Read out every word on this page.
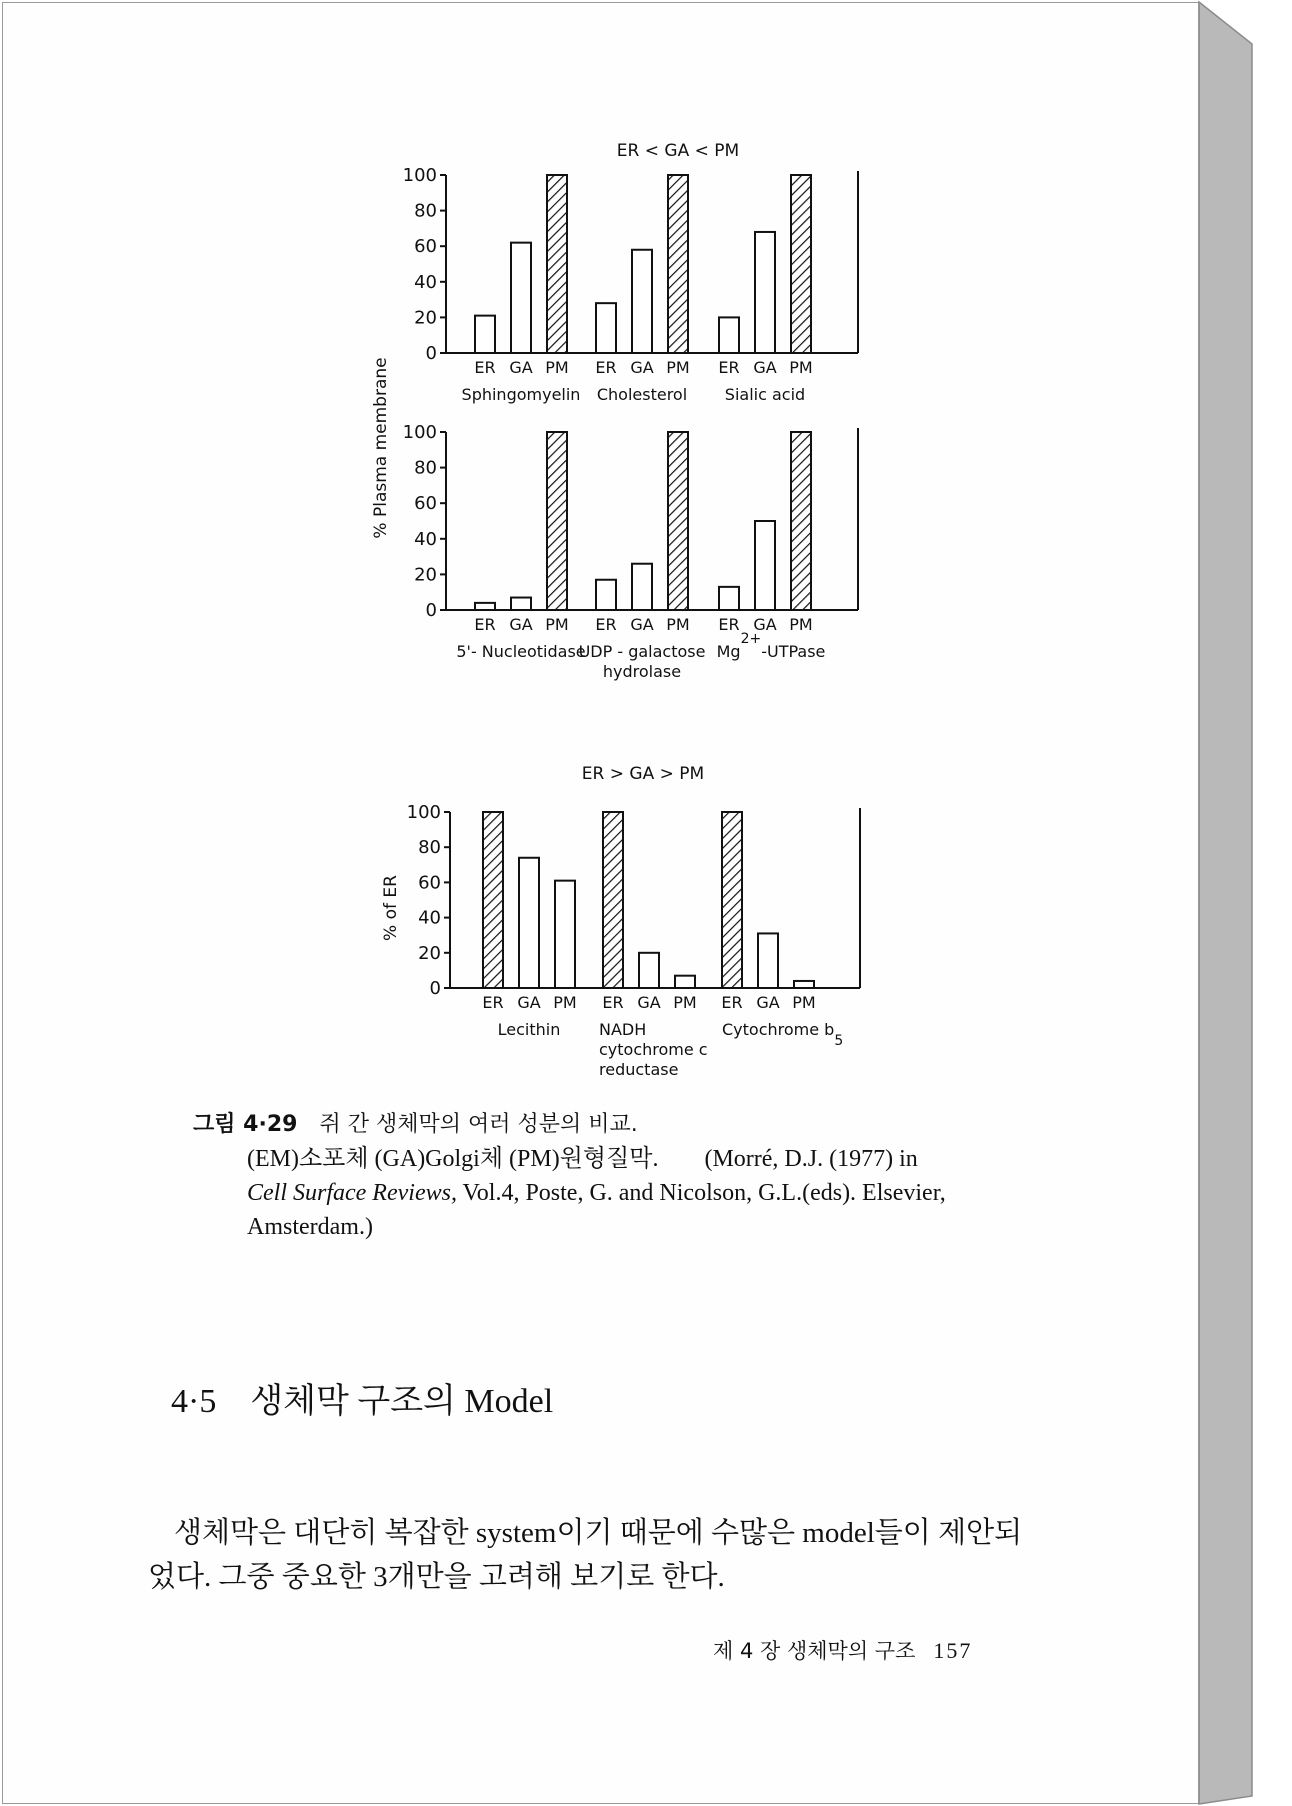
ER < GA < PM
100
80
60
40
20
0
ER GA PM
Sphingomyelin
ER GA PM
Cholesterol
ER GA PM
Sialic acid
% Plasma membrane 100
80
60
40
20
0
ER GA PM
5'- Nucleotidase
ER GA PM
UDP - galactose
hydrolase
ER GA PM
Mg2+-UTPase
ER > GA > PM
100
80
60
40
20
0
ER GA PM
Lecithin
ER GA PM
NADH
cytochrome c
reductase
ER GA PM
Cytochrome b5
% of ER
그림 4·29 쥐 간 생체막의 여러 성분의 비교.
(EM)소포체 (GA)Golgi체 (PM)원형질막. (Morré, D.J. (1977) in
Cell Surface Reviews, Vol.4, Poste, G. and Nicolson, G.L.(eds). Elsevier,
Amsterdam.)
4·5 생체막 구조의 Model
생체막은 대단히 복잡한 system이기 때문에 수많은 model들이 제안되
었다. 그중 중요한 3개만을 고려해 보기로 한다.
제 4 장 생체막의 구조 157
